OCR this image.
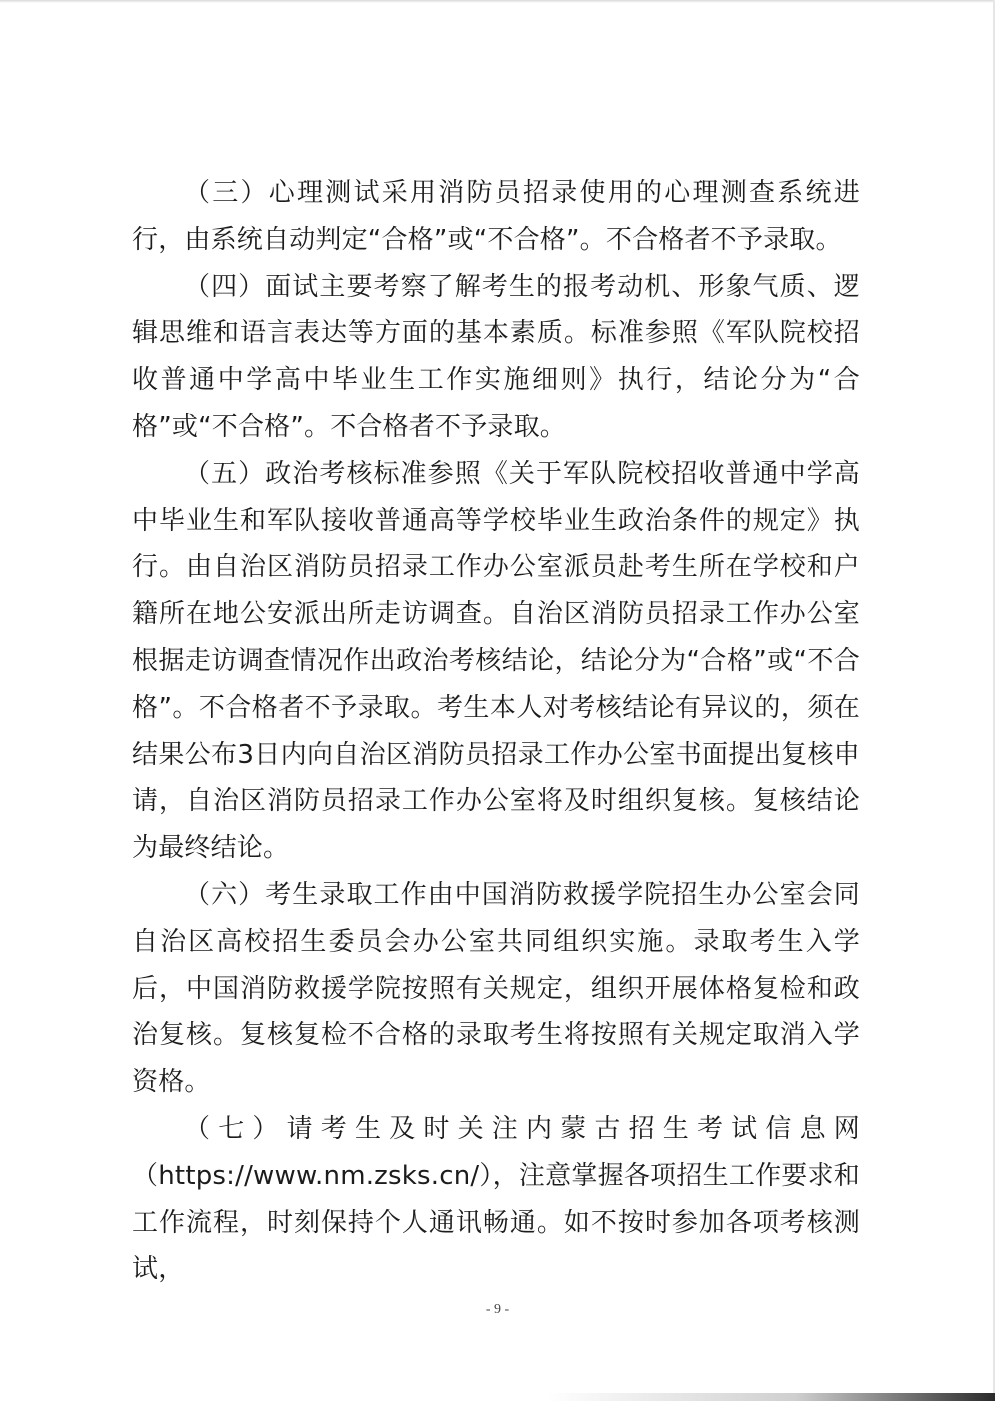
（三）心理测试采用消防员招录使用的心理测查系统进行，由系统自动判定“合格”或“不合格”。不合格者不予录取。

（四）面试主要考察了解考生的报考动机、形象气质、逻辑思维和语言表达等方面的基本素质。标准参照《军队院校招收普通中学高中毕业生工作实施细则》执行，结论分为“合格”或“不合格”。不合格者不予录取。

（五）政治考核标准参照《关于军队院校招收普通中学高中毕业生和军队接收普通高等学校毕业生政治条件的规定》执行。由自治区消防员招录工作办公室派员赴考生所在学校和户籍所在地公安派出所走访调查。自治区消防员招录工作办公室根据走访调查情况作出政治考核结论，结论分为“合格”或“不合格”。不合格者不予录取。考生本人对考核结论有异议的，须在结果公布3日内向自治区消防员招录工作办公室书面提出复核申请，自治区消防员招录工作办公室将及时组织复核。复核结论为最终结论。

（六）考生录取工作由中国消防救援学院招生办公室会同自治区高校招生委员会办公室共同组织实施。录取考生入学后，中国消防救援学院按照有关规定，组织开展体格复检和政治复核。复核复检不合格的录取考生将按照有关规定取消入学资格。

（七）请考生及时关注内蒙古招生考试信息网（https://www.nm.zsks.cn/），注意掌握各项招生工作要求和工作流程，时刻保持个人通讯畅通。如不按时参加各项考核测试，

- 9 -
